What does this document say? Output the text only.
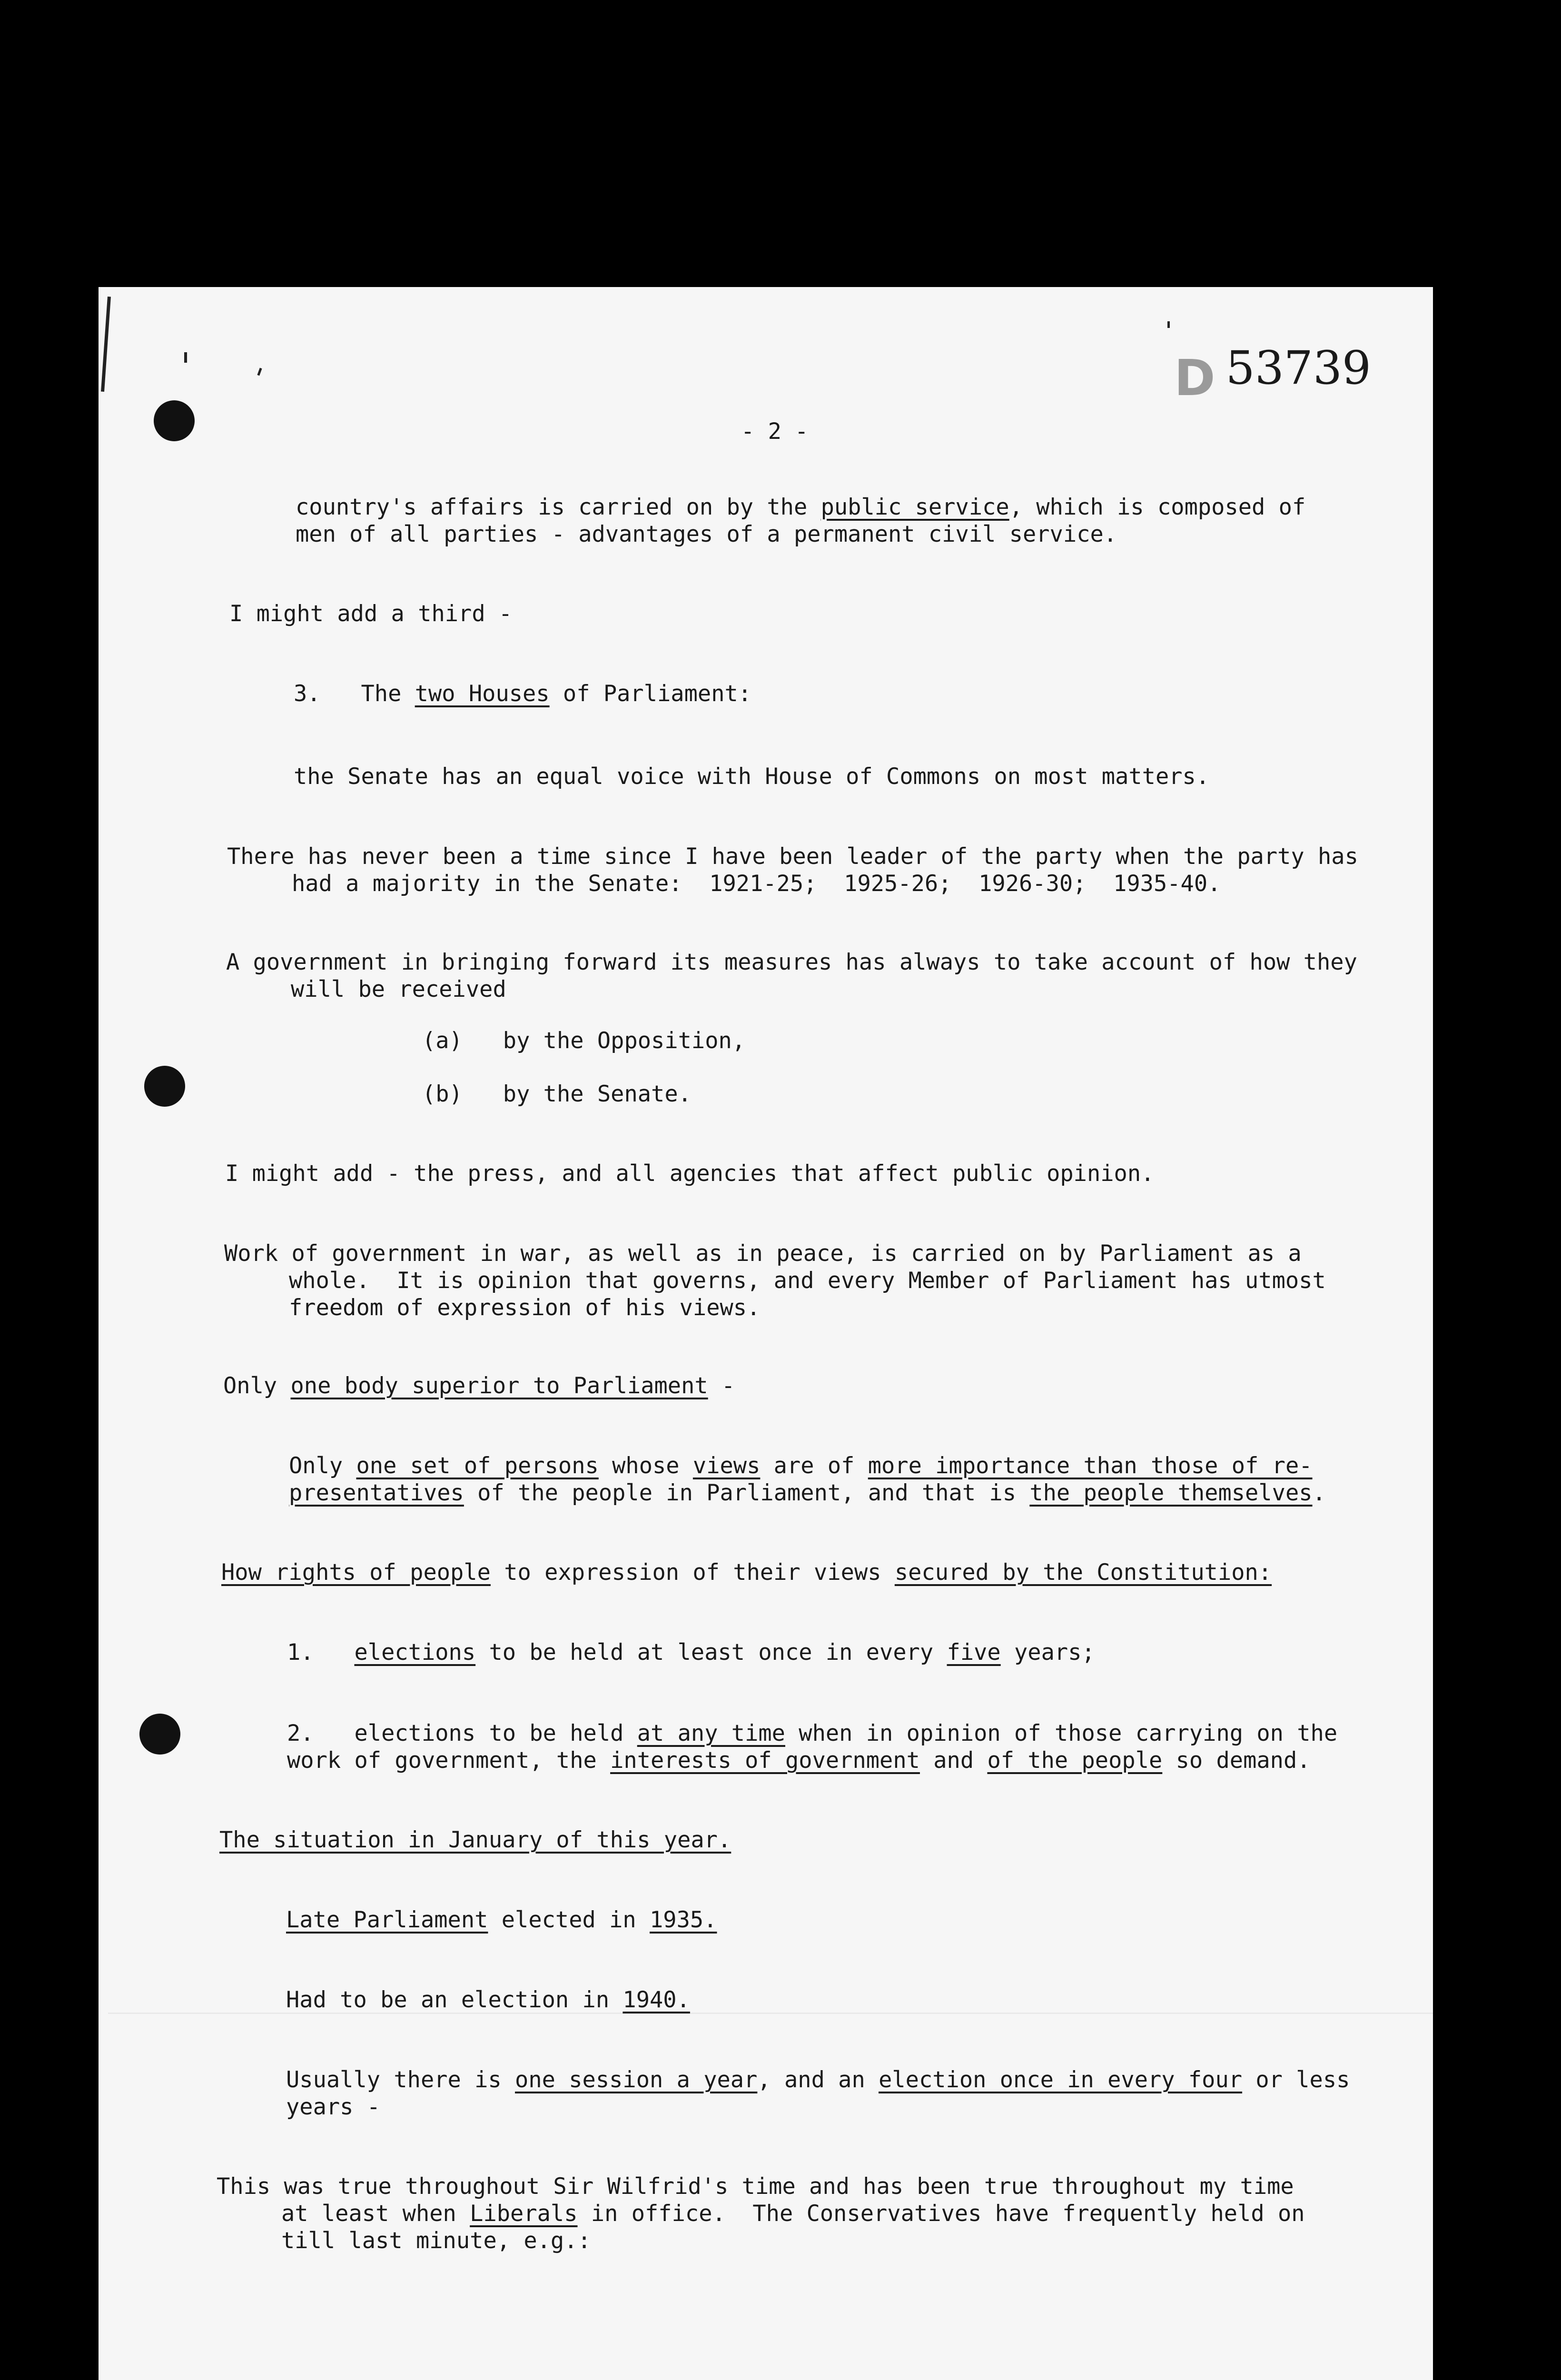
D 53739

- 2 -

country's affairs is carried on by the public service, which is composed of

men of all parties - advantages of a permanent civil service.

I might add a third -

3.   The two Houses of Parliament:

the Senate has an equal voice with House of Commons on most matters.

There has never been a time since I have been leader of the party when the party has

had a majority in the Senate:  1921-25;  1925-26;  1926-30;  1935-40.

A government in bringing forward its measures has always to take account of how they

will be received

(a)   by the Opposition,

(b)   by the Senate.

I might add - the press, and all agencies that affect public opinion.

Work of government in war, as well as in peace, is carried on by Parliament as a

whole.  It is opinion that governs, and every Member of Parliament has utmost

freedom of expression of his views.

Only one body superior to Parliament -

Only one set of persons whose views are of more importance than those of re-

presentatives of the people in Parliament, and that is the people themselves.

How rights of people to expression of their views secured by the Constitution:

1.   elections to be held at least once in every five years;

2.   elections to be held at any time when in opinion of those carrying on the

work of government, the interests of government and of the people so demand.

The situation in January of this year.

Late Parliament elected in 1935.

Had to be an election in 1940.

Usually there is one session a year, and an election once in every four or less

years -

This was true throughout Sir Wilfrid's time and has been true throughout my time

at least when Liberals in office.  The Conservatives have frequently held on

till last minute, e.g.:
